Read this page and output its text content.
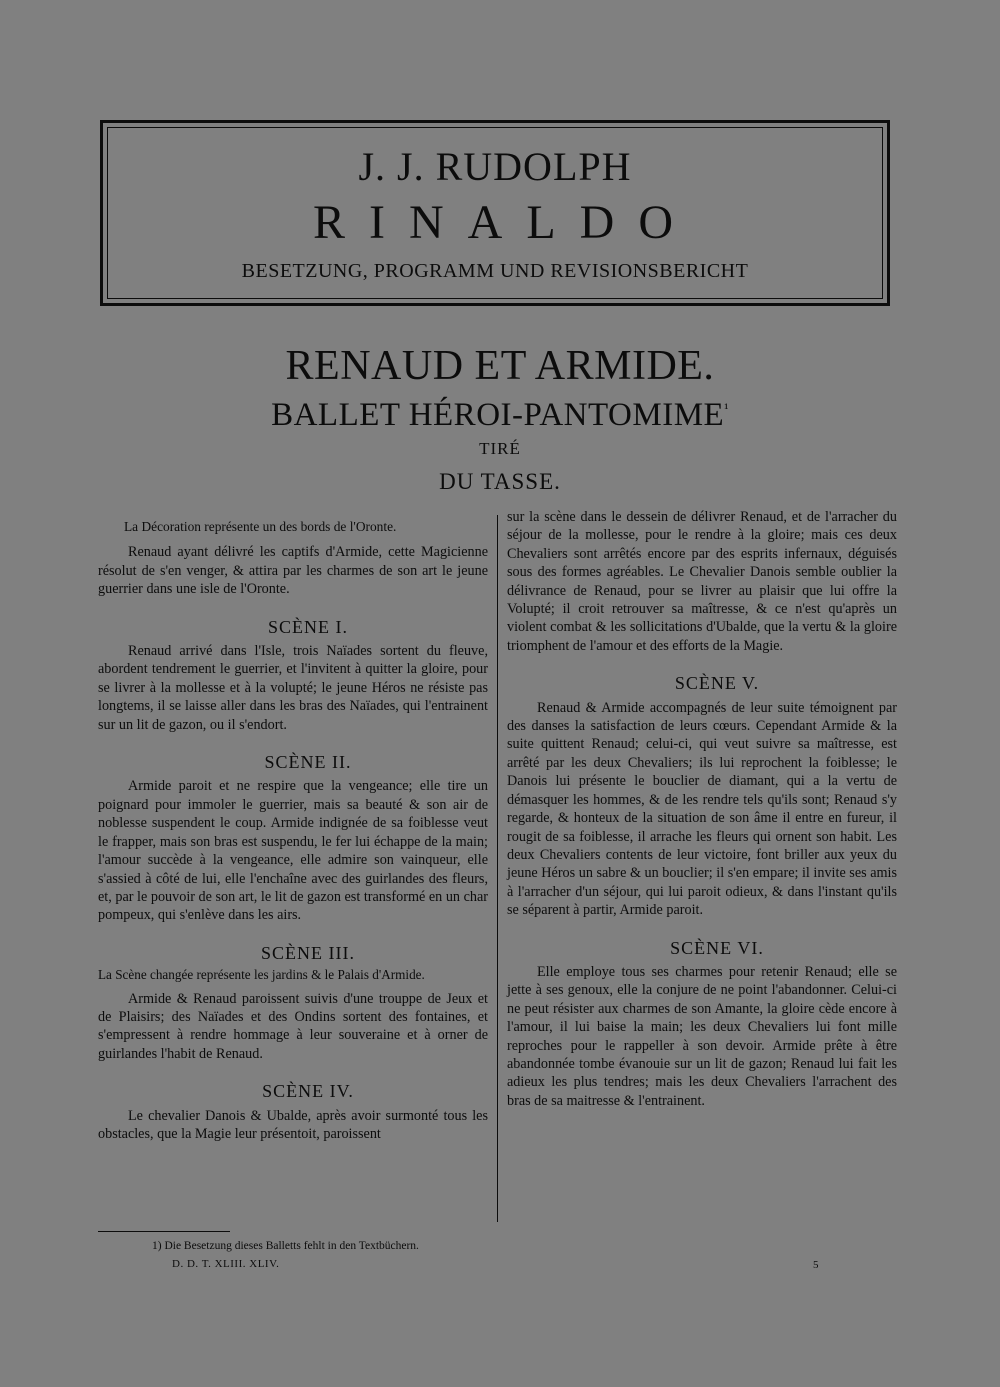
J. J. RUDOLPH
RINALDO
BESETZUNG, PROGRAMM UND REVISIONSBERICHT
RENAUD ET ARMIDE.
BALLET HÉROI-$PANTOMIME^{^1}$
TIRÉ
DU TASSE.

La Décoration représente un des bords de l'Oronte.

Renaud ayant délivré les captifs d'Armide, cette Magicienne résolut de s'en venger, & attira par les charmes de son art le jeune guerrier dans une isle de l'Oronte.

SCÈNE I.

Renaud arrivé dans l'Isle, trois Naïades sortent du fleuve, abordent tendrement le guerrier, et l'invitent à quitter la gloire, pour se livrer à la mollesse et à la volupté; le jeune Héros ne résiste pas longtems, il se laisse aller dans les bras des Naïades, qui l'entrainent sur un lit de gazon, ou il s'endort.

SCÈNE II.

Armide paroit et ne respire que la vengeance; elle tire un poignard pour immoler le guerrier, mais sa beauté & son air de noblesse suspendent le coup. Armide indignée de sa foiblesse veut le frapper, mais son bras est suspendu, le fer lui échappe de la main; l'amour succède à la vengeance, elle admire son vainqueur, elle s'assied à côté de lui, elle l'enchaîne avec des guirlandes des fleurs, et, par le pouvoir de son art, le lit de gazon est transformé en un char pompeux, qui s'enlève dans les airs.

SCÈNE III.

La Scène changée représente les jardins & le Palais d'Armide.

Armide & Renaud paroissent suivis d'une trouppe de Jeux et de Plaisirs; des Naïades et des Ondins sortent des fontaines, et s'empressent à rendre hommage à leur souveraine et à orner de guirlandes l'habit de Renaud.

SCÈNE IV.

Le chevalier Danois & Ubalde, après avoir surmonté tous les obstacles, que la Magie leur présentoit, paroissent

sur la scène dans le dessein de délivrer Renaud, et de l'arracher du séjour de la mollesse, pour le rendre à la gloire; mais ces deux Chevaliers sont arrêtés encore par des esprits infernaux, déguisés sous des formes agréables. Le Chevalier Danois semble oublier la délivrance de Renaud, pour se livrer au plaisir que lui offre la Volupté; il croit retrouver sa maîtresse, & ce n'est qu'après un violent combat & les sollicitations d'Ubalde, que la vertu & la gloire triomphent de l'amour et des efforts de la Magie.

SCÈNE V.

Renaud & Armide accompagnés de leur suite témoignent par des danses la satisfaction de leurs cœurs. Cependant Armide & la suite quittent Renaud; celui-ci, qui veut suivre sa maîtresse, est arrêté par les deux Chevaliers; ils lui reprochent la foiblesse; le Danois lui présente le bouclier de diamant, qui a la vertu de démasquer les hommes, & de les rendre tels qu'ils sont; Renaud s'y regarde, & honteux de la situation de son âme il entre en fureur, il rougit de sa foiblesse, il arrache les fleurs qui ornent son habit. Les deux Chevaliers contents de leur victoire, font briller aux yeux du jeune Héros un sabre & un bouclier; il s'en empare; il invite ses amis à l'arracher d'un séjour, qui lui paroit odieux, & dans l'instant qu'ils se séparent à partir, Armide paroit.

SCÈNE VI.

Elle employe tous ses charmes pour retenir Renaud; elle se jette à ses genoux, elle la conjure de ne point l'abandonner. Celui-ci ne peut résister aux charmes de son Amante, la gloire cède encore à l'amour, il lui baise la main; les deux Chevaliers lui font mille reproches pour le rappeller à son devoir. Armide prête à être abandonnée tombe évanouie sur un lit de gazon; Renaud lui fait les adieux les plus tendres; mais les deux Chevaliers l'arrachent des bras de sa maitresse & l'entrainent.

1) Die Besetzung dieses Balletts fehlt in den Textbüchern.
D. D. T. XLIII. XLIV.	5
